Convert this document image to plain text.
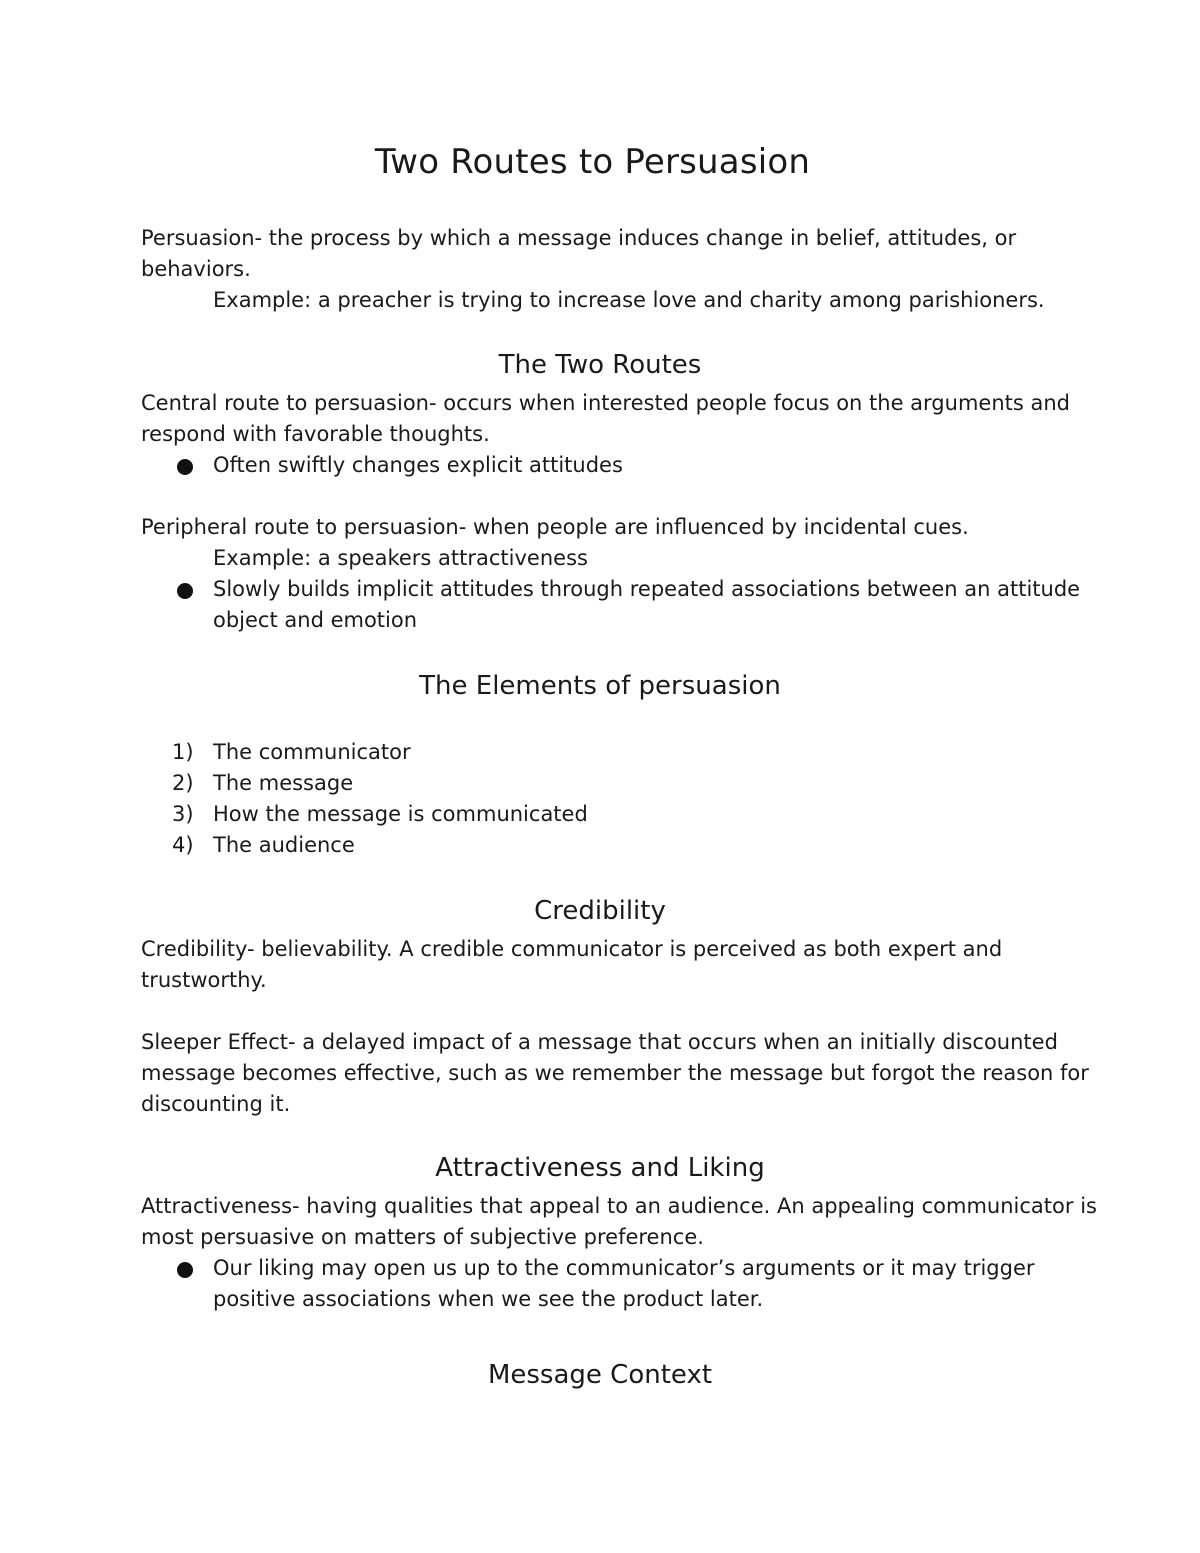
Two Routes to Persuasion
Persuasion- the process by which a message induces change in belief, attitudes, or
behaviors.
Example: a preacher is trying to increase love and charity among parishioners.
The Two Routes
Central route to persuasion- occurs when interested people focus on the arguments and
respond with favorable thoughts.
Often swiftly changes explicit attitudes
Peripheral route to persuasion- when people are influenced by incidental cues.
Example: a speakers attractiveness
Slowly builds implicit attitudes through repeated associations between an attitude
object and emotion
The Elements of persuasion
1) The communicator
2) The message
3) How the message is communicated
4) The audience
Credibility
Credibility- believability. A credible communicator is perceived as both expert and
trustworthy.
Sleeper Effect- a delayed impact of a message that occurs when an initially discounted
message becomes effective, such as we remember the message but forgot the reason for
discounting it.
Attractiveness and Liking
Attractiveness- having qualities that appeal to an audience. An appealing communicator is
most persuasive on matters of subjective preference.
Our liking may open us up to the communicator’s arguments or it may trigger
positive associations when we see the product later.
Message Context
